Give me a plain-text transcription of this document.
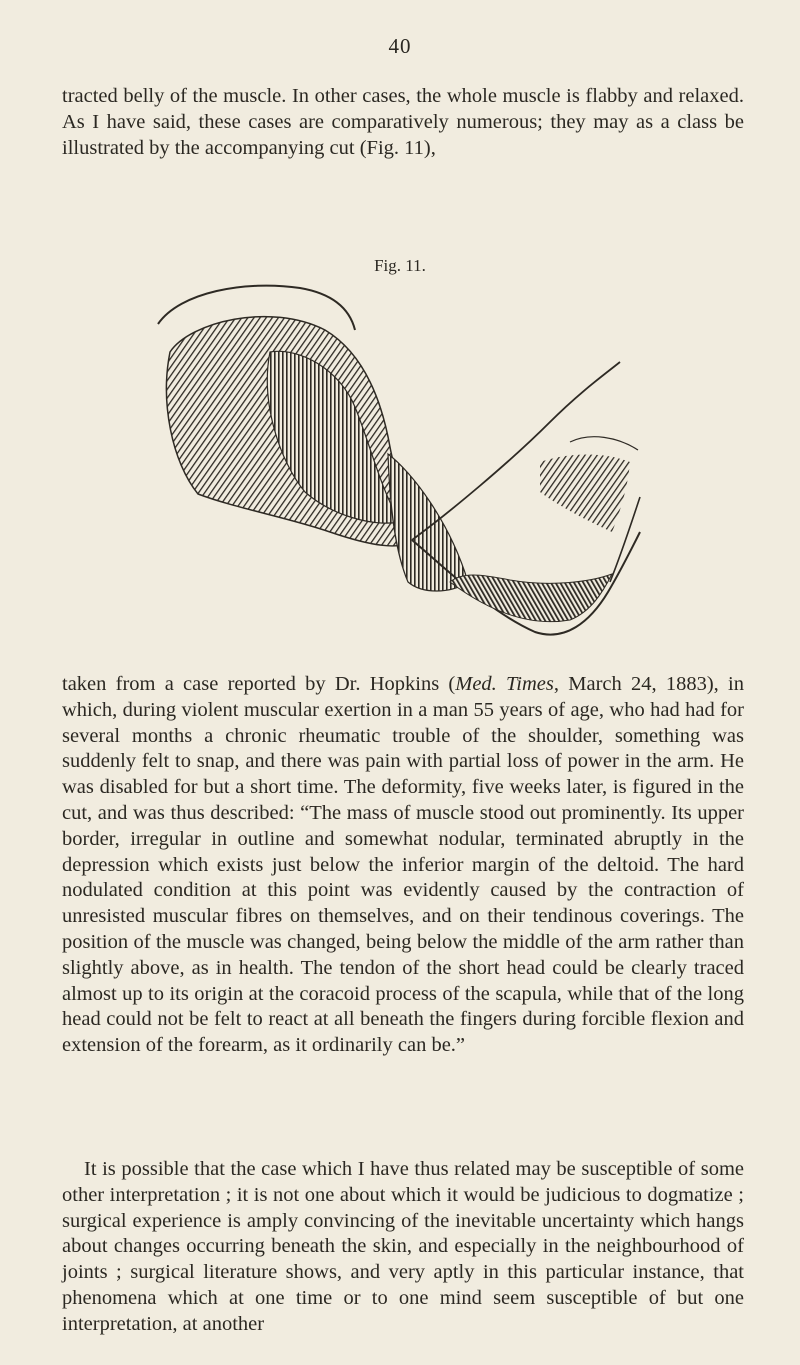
40

tracted belly of the muscle. In other cases, the whole muscle is flabby and relaxed. As I have said, these cases are comparatively numerous; they may as a class be illustrated by the accompanying cut (Fig. 11),

Fig. 11.

taken from a case reported by Dr. Hopkins (Med. Times, March 24, 1883), in which, during violent muscular exertion in a man 55 years of age, who had had for several months a chronic rheumatic trouble of the shoulder, something was suddenly felt to snap, and there was pain with partial loss of power in the arm. He was disabled for but a short time. The deformity, five weeks later, is figured in the cut, and was thus described: “The mass of muscle stood out prominently. Its upper border, irregular in outline and somewhat nodular, terminated abruptly in the depression which exists just below the inferior margin of the deltoid. The hard nodulated condition at this point was evidently caused by the contraction of unresisted muscular fibres on themselves, and on their tendinous coverings. The position of the muscle was changed, being below the middle of the arm rather than slightly above, as in health. The tendon of the short head could be clearly traced almost up to its origin at the coracoid process of the scapula, while that of the long head could not be felt to react at all beneath the fingers during forcible flexion and extension of the forearm, as it ordinarily can be.”

It is possible that the case which I have thus related may be susceptible of some other interpretation ; it is not one about which it would be judicious to dogmatize ; surgical experience is amply convincing of the inevitable uncertainty which hangs about changes occurring beneath the skin, and especially in the neighbourhood of joints ; surgical literature shows, and very aptly in this particular instance, that phenomena which at one time or to one mind seem susceptible of but one interpretation, at another
